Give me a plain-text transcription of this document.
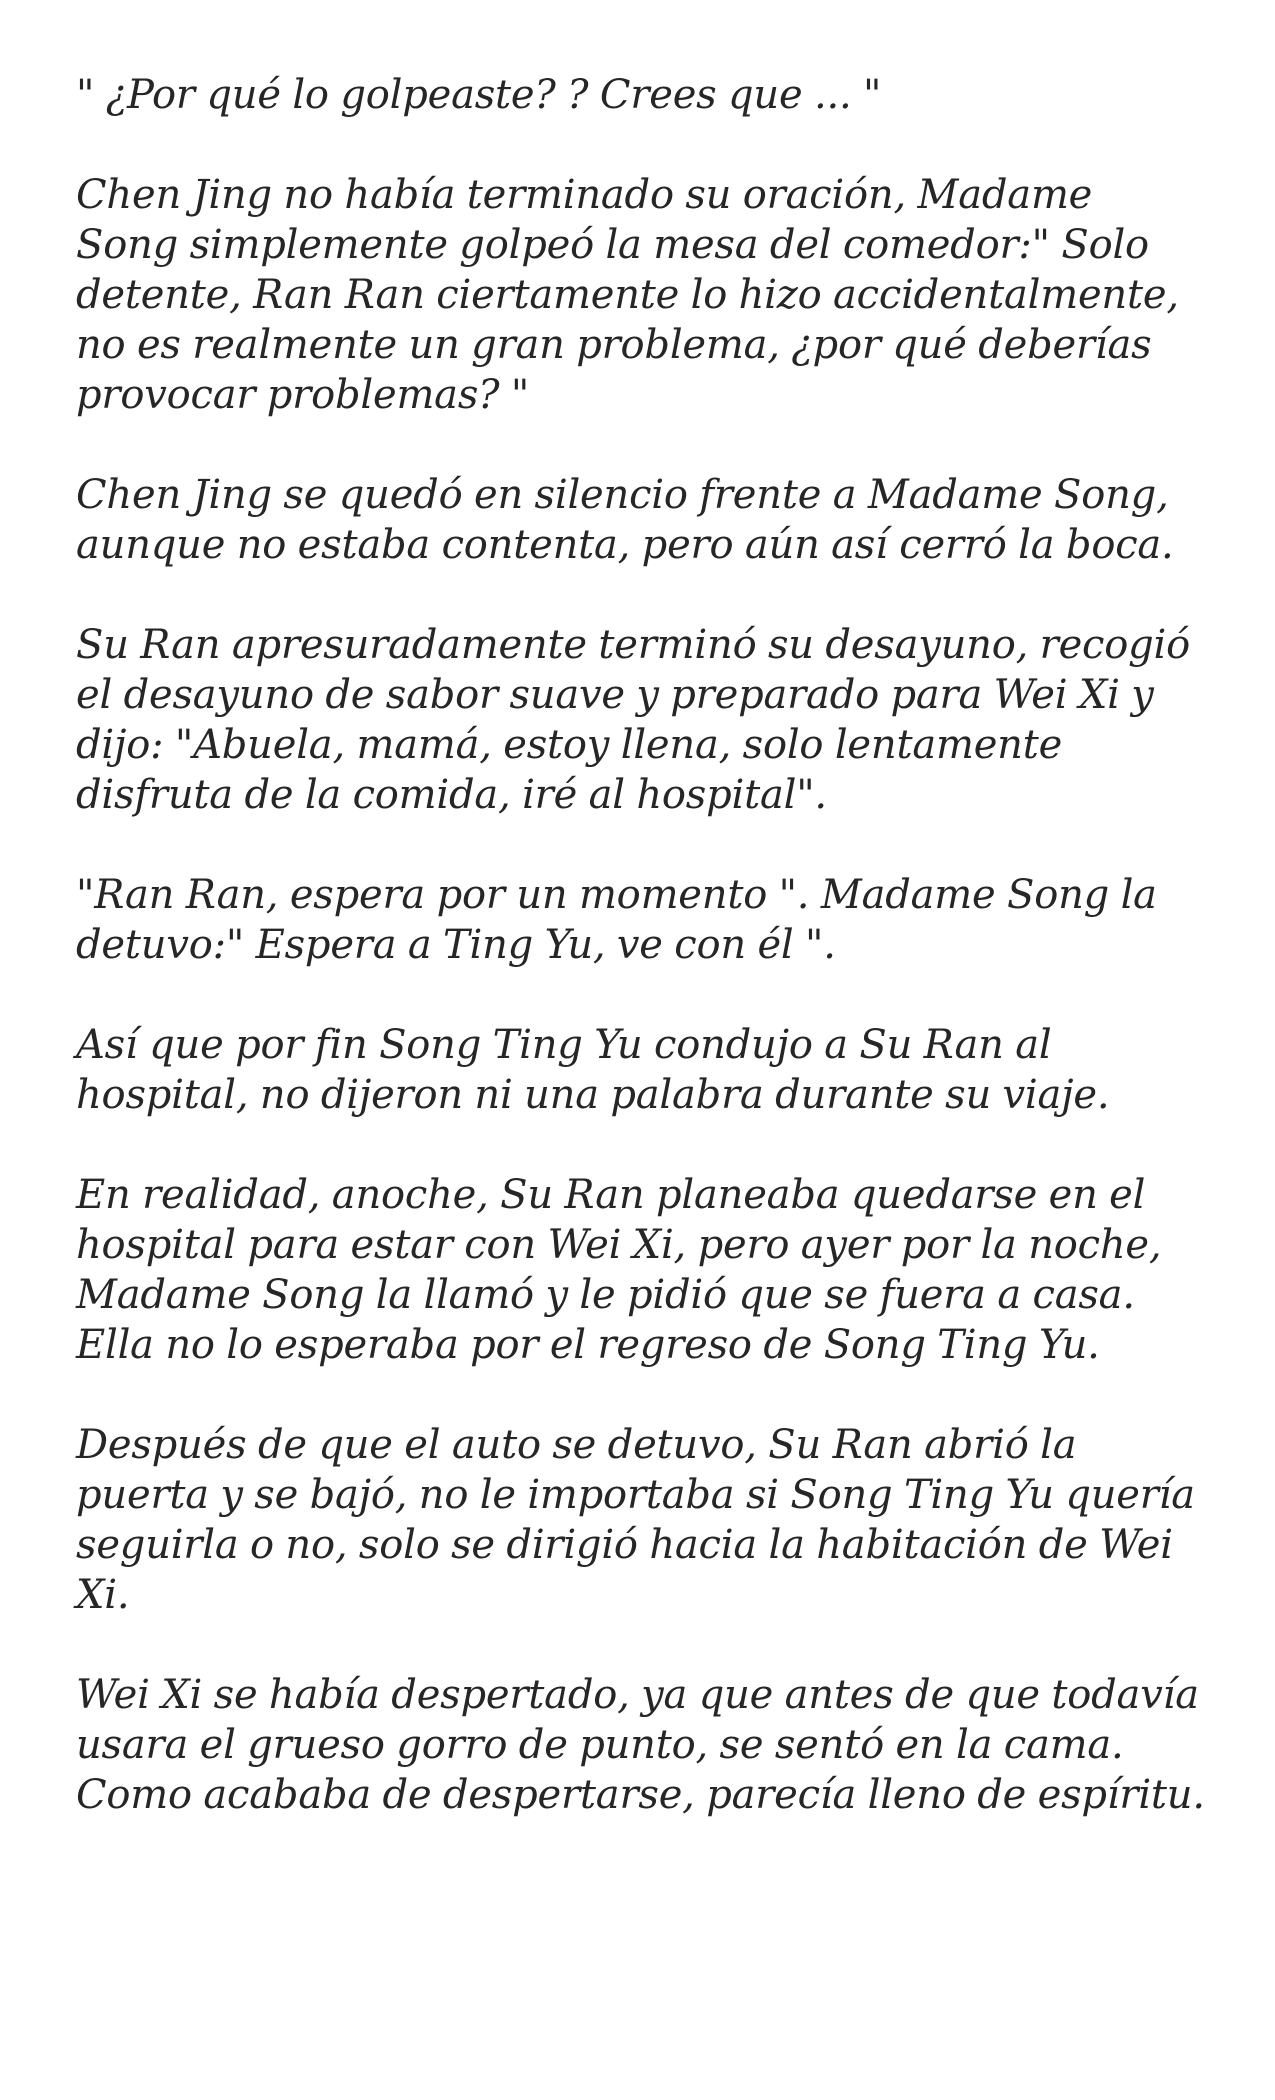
" ¿Por qué lo golpeaste? ? Crees que ... "

Chen Jing no había terminado su oración, Madame Song simplemente golpeó la mesa del comedor:" Solo detente, Ran Ran ciertamente lo hizo accidentalmente, no es realmente un gran problema, ¿por qué deberías provocar problemas? "

Chen Jing se quedó en silencio frente a Madame Song, aunque no estaba contenta, pero aún así cerró la boca.

Su Ran apresuradamente terminó su desayuno, recogió el desayuno de sabor suave y preparado para Wei Xi y dijo: "Abuela, mamá, estoy llena, solo lentamente disfruta de la comida, iré al hospital".

"Ran Ran, espera por un momento ". Madame Song la detuvo:" Espera a Ting Yu, ve con él ".

Así que por fin Song Ting Yu condujo a Su Ran al hospital, no dijeron ni una palabra durante su viaje.

En realidad, anoche, Su Ran planeaba quedarse en el hospital para estar con Wei Xi, pero ayer por la noche, Madame Song la llamó y le pidió que se fuera a casa. Ella no lo esperaba por el regreso de Song Ting Yu.

Después de que el auto se detuvo, Su Ran abrió la puerta y se bajó, no le importaba si Song Ting Yu quería seguirla o no, solo se dirigió hacia la habitación de Wei Xi.

Wei Xi se había despertado, ya que antes de que todavía usara el grueso gorro de punto, se sentó en la cama. Como acababa de despertarse, parecía lleno de espíritu.
